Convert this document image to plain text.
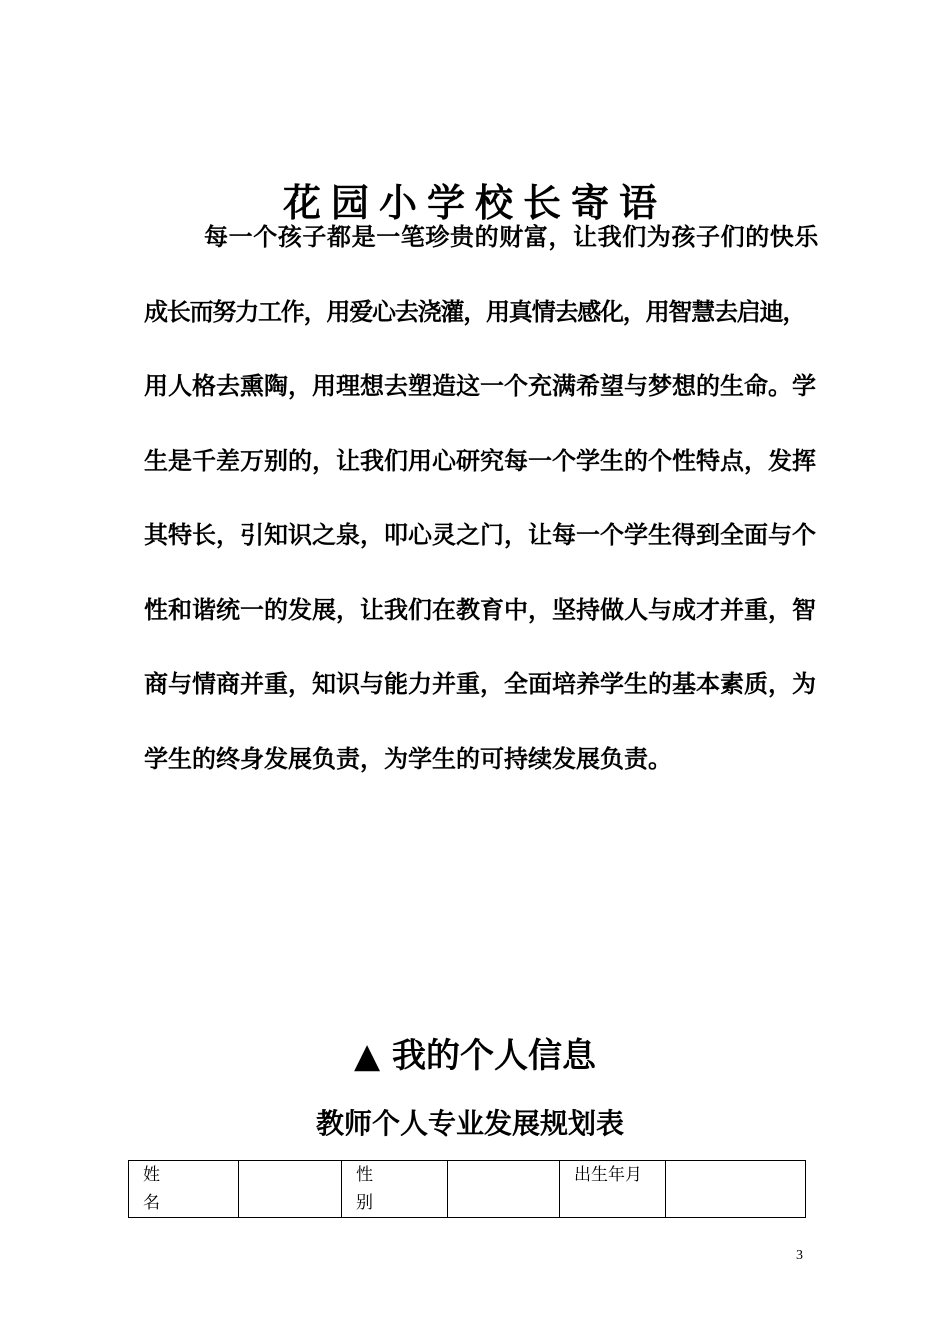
花园小学校长寄语
每一个孩子都是一笔珍贵的财富，让我们为孩子们的快乐
成长而努力工作，用爱心去浇灌，用真情去感化，用智慧去启迪，
用人格去熏陶，用理想去塑造这一个充满希望与梦想的生命。学
生是千差万别的，让我们用心研究每一个学生的个性特点，发挥
其特长，引知识之泉，叩心灵之门，让每一个学生得到全面与个
性和谐统一的发展，让我们在教育中，坚持做人与成才并重，智
商与情商并重，知识与能力并重，全面培养学生的基本素质，为
学生的终身发展负责，为学生的可持续发展负责。
▲ 我的个人信息
教师个人专业发展规划表
姓名		性别		出生年月	
3
